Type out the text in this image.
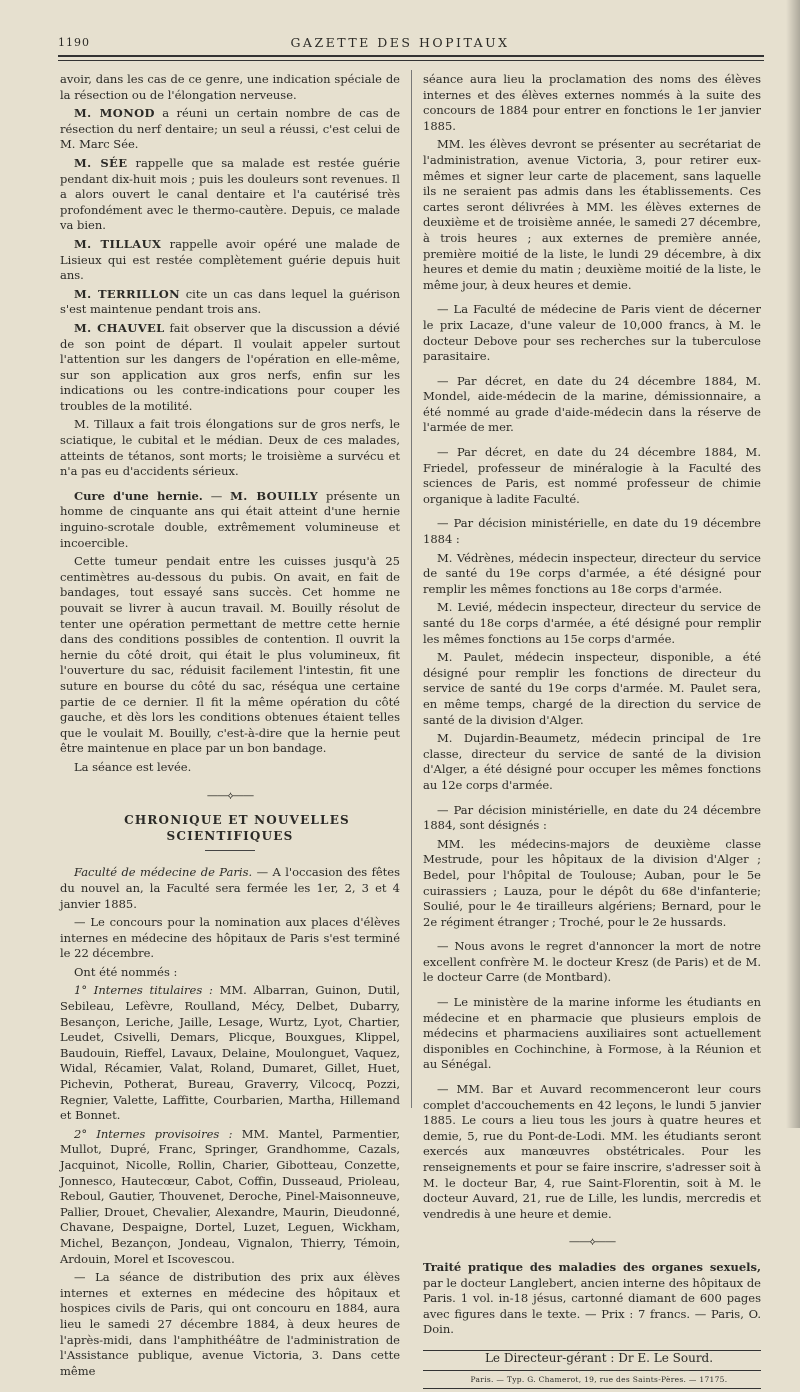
1190	GAZETTE DES HOPITAUX

avoir, dans les cas de ce genre, une indication spéciale de la résection ou de l'élongation nerveuse.

M. MONOD a réuni un certain nombre de cas de résection du nerf dentaire; un seul a réussi, c'est celui de M. Marc Sée.

M. SÉE rappelle que sa malade est restée guérie pendant dix-huit mois ; puis les douleurs sont revenues. Il a alors ouvert le canal dentaire et l'a cautérisé très profondément avec le thermo-cautère. Depuis, ce malade va bien.

M. TILLAUX rappelle avoir opéré une malade de Lisieux qui est restée complètement guérie depuis huit ans.

M. TERRILLON cite un cas dans lequel la guérison s'est maintenue pendant trois ans.

M. CHAUVEL fait observer que la discussion a dévié de son point de départ. Il voulait appeler surtout l'attention sur les dangers de l'opération en elle-même, sur son application aux gros nerfs, enfin sur les indications ou les contre-indications pour couper les troubles de la motilité.

M. Tillaux a fait trois élongations sur de gros nerfs, le sciatique, le cubital et le médian. Deux de ces malades, atteints de tétanos, sont morts; le troisième a survécu et n'a pas eu d'accidents sérieux.

Cure d'une hernie. — M. BOUILLY présente un homme de cinquante ans qui était atteint d'une hernie inguino-scrotale double, extrêmement volumineuse et incoercible.

Cette tumeur pendait entre les cuisses jusqu'à 25 centimètres au-dessous du pubis. On avait, en fait de bandages, tout essayé sans succès. Cet homme ne pouvait se livrer à aucun travail. M. Bouilly résolut de tenter une opération permettant de mettre cette hernie dans des conditions possibles de contention. Il ouvrit la hernie du côté droit, qui était le plus volumineux, fit l'ouverture du sac, réduisit facilement l'intestin, fit une suture en bourse du côté du sac, réséqua une certaine partie de ce dernier. Il fit la même opération du côté gauche, et dès lors les conditions obtenues étaient telles que le voulait M. Bouilly, c'est-à-dire que la hernie peut être maintenue en place par un bon bandage.

La séance est levée.

——⟡——

CHRONIQUE ET NOUVELLES SCIENTIFIQUES

Faculté de médecine de Paris. — A l'occasion des fêtes du nouvel an, la Faculté sera fermée les 1er, 2, 3 et 4 janvier 1885.

— Le concours pour la nomination aux places d'élèves internes en médecine des hôpitaux de Paris s'est terminé le 22 décembre.

Ont été nommés :

1° Internes titulaires : MM. Albarran, Guinon, Dutil, Sebileau, Lefèvre, Roulland, Mécy, Delbet, Dubarry, Besançon, Leriche, Jaille, Lesage, Wurtz, Lyot, Chartier, Leudet, Csivelli, Demars, Plicque, Bouxgues, Klippel, Baudouin, Rieffel, Lavaux, Delaine, Moulonguet, Vaquez, Widal, Récamier, Valat, Roland, Dumaret, Gillet, Huet, Pichevin, Potherat, Bureau, Graverry, Vilcocq, Pozzi, Regnier, Valette, Laffitte, Courbarien, Martha, Hillemand et Bonnet.

2° Internes provisoires : MM. Mantel, Parmentier, Mullot, Dupré, Franc, Springer, Grandhomme, Cazals, Jacquinot, Nicolle, Rollin, Charier, Gibotteau, Conzette, Jonnesco, Hautecœur, Cabot, Coffin, Dusseaud, Prioleau, Reboul, Gautier, Thouvenet, Deroche, Pinel-Maisonneuve, Pallier, Drouet, Chevalier, Alexandre, Maurin, Dieudonné, Chavane, Despaigne, Dortel, Luzet, Leguen, Wickham, Michel, Bezançon, Jondeau, Vignalon, Thierry, Témoin, Ardouin, Morel et Iscovescou.

— La séance de distribution des prix aux élèves internes et externes en médecine des hôpitaux et hospices civils de Paris, qui ont concouru en 1884, aura lieu le samedi 27 décembre 1884, à deux heures de l'après-midi, dans l'amphithéâtre de l'administration de l'Assistance publique, avenue Victoria, 3. Dans cette même

séance aura lieu la proclamation des noms des élèves internes et des élèves externes nommés à la suite des concours de 1884 pour entrer en fonctions le 1er janvier 1885.

MM. les élèves devront se présenter au secrétariat de l'administration, avenue Victoria, 3, pour retirer eux-mêmes et signer leur carte de placement, sans laquelle ils ne seraient pas admis dans les établissements. Ces cartes seront délivrées à MM. les élèves externes de deuxième et de troisième année, le samedi 27 décembre, à trois heures ; aux externes de première année, première moitié de la liste, le lundi 29 décembre, à dix heures et demie du matin ; deuxième moitié de la liste, le même jour, à deux heures et demie.

— La Faculté de médecine de Paris vient de décerner le prix Lacaze, d'une valeur de 10,000 francs, à M. le docteur Debove pour ses recherches sur la tuberculose parasitaire.

— Par décret, en date du 24 décembre 1884, M. Mondel, aide-médecin de la marine, démissionnaire, a été nommé au grade d'aide-médecin dans la réserve de l'armée de mer.

— Par décret, en date du 24 décembre 1884, M. Friedel, professeur de minéralogie à la Faculté des sciences de Paris, est nommé professeur de chimie organique à ladite Faculté.

— Par décision ministérielle, en date du 19 décembre 1884 :

M. Védrènes, médecin inspecteur, directeur du service de santé du 19e corps d'armée, a été désigné pour remplir les mêmes fonctions au 18e corps d'armée.

M. Levié, médecin inspecteur, directeur du service de santé du 18e corps d'armée, a été désigné pour remplir les mêmes fonctions au 15e corps d'armée.

M. Paulet, médecin inspecteur, disponible, a été désigné pour remplir les fonctions de directeur du service de santé du 19e corps d'armée. M. Paulet sera, en même temps, chargé de la direction du service de santé de la division d'Alger.

M. Dujardin-Beaumetz, médecin principal de 1re classe, directeur du service de santé de la division d'Alger, a été désigné pour occuper les mêmes fonctions au 12e corps d'armée.

— Par décision ministérielle, en date du 24 décembre 1884, sont désignés :

MM. les médecins-majors de deuxième classe Mestrude, pour les hôpitaux de la division d'Alger ; Bedel, pour l'hôpital de Toulouse; Auban, pour le 5e cuirassiers ; Lauza, pour le dépôt du 68e d'infanterie; Soulié, pour le 4e tirailleurs algériens; Bernard, pour le 2e régiment étranger ; Troché, pour le 2e hussards.

— Nous avons le regret d'annoncer la mort de notre excellent confrère M. le docteur Kresz (de Paris) et de M. le docteur Carre (de Montbard).

— Le ministère de la marine informe les étudiants en médecine et en pharmacie que plusieurs emplois de médecins et pharmaciens auxiliaires sont actuellement disponibles en Cochinchine, à Formose, à la Réunion et au Sénégal.

— MM. Bar et Auvard recommenceront leur cours complet d'accouchements en 42 leçons, le lundi 5 janvier 1885. Le cours a lieu tous les jours à quatre heures et demie, 5, rue du Pont-de-Lodi. MM. les étudiants seront exercés aux manœuvres obstétricales. Pour les renseignements et pour se faire inscrire, s'adresser soit à M. le docteur Bar, 4, rue Saint-Florentin, soit à M. le docteur Auvard, 21, rue de Lille, les lundis, mercredis et vendredis à une heure et demie.

——⟡——

Traité pratique des maladies des organes sexuels, par le docteur Langlebert, ancien interne des hôpitaux de Paris. 1 vol. in-18 jésus, cartonné diamant de 600 pages avec figures dans le texte. — Prix : 7 francs. — Paris, O. Doin.

Le Directeur-gérant : Dr E. Le Sourd.

Paris. — Typ. G. Chamerot, 19, rue des Saints-Pères. — 17175.
